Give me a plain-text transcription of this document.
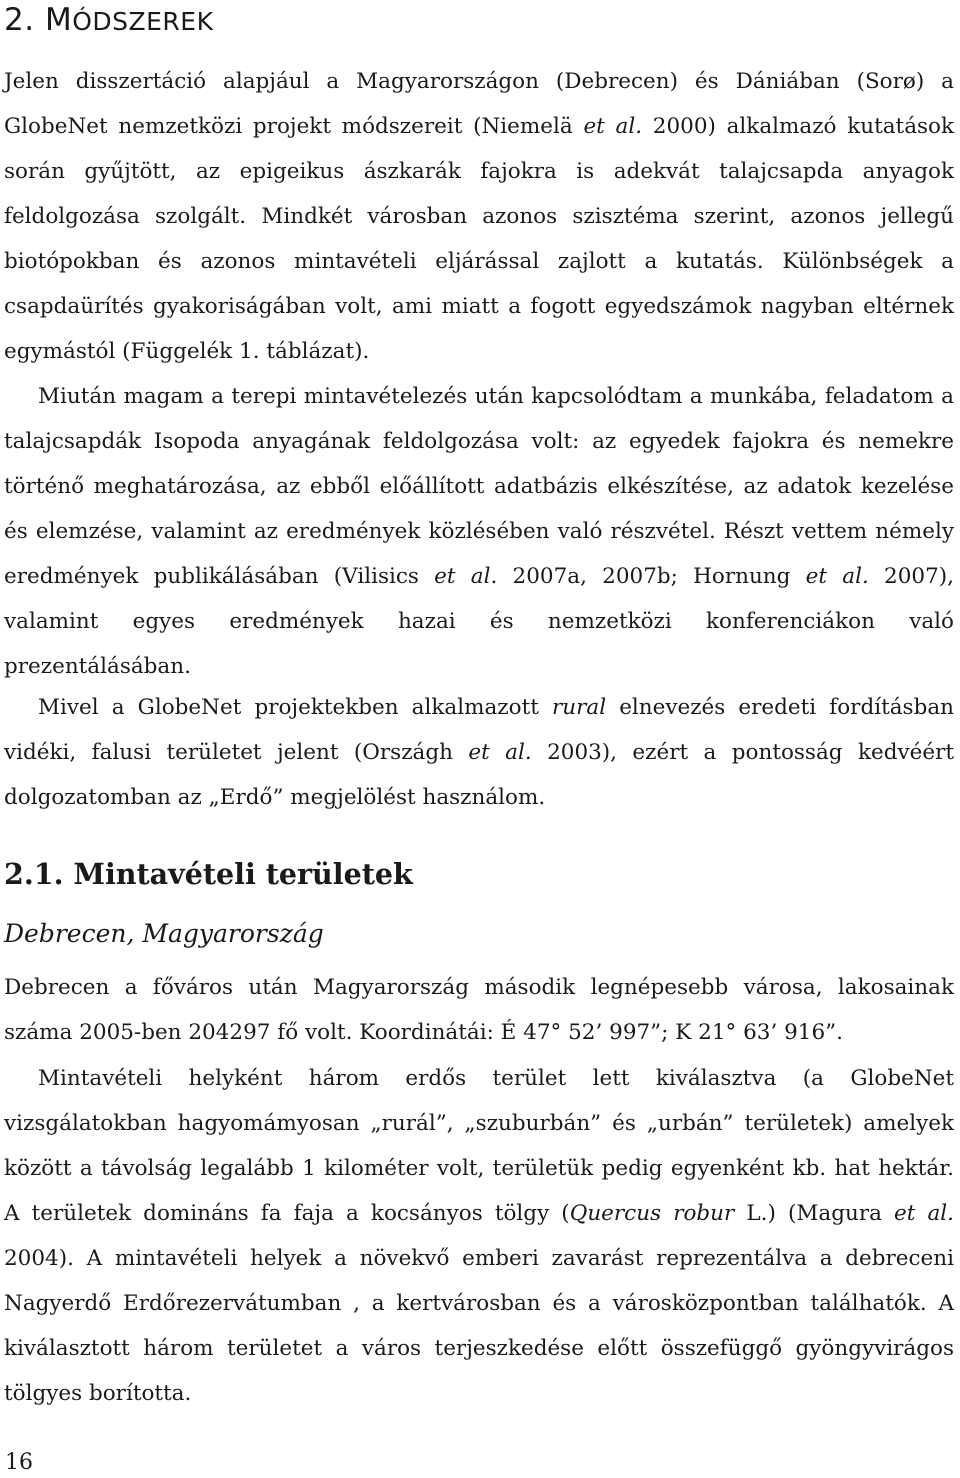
2. MÓDSZEREK

Jelen disszertáció alapjául a Magyarországon (Debrecen) és Dániában (Sorø) a GlobeNet nemzetközi projekt módszereit (Niemelä et al. 2000) alkalmazó kutatások során gyűjtött, az epigeikus ászkarák fajokra is adekvát talajcsapda anyagok feldolgozása szolgált. Mindkét városban azonos szisztéma szerint, azonos jellegű biotópokban és azonos mintavételi eljárással zajlott a kutatás. Különbségek a csapdaürítés gyakoriságában volt, ami miatt a fogott egyedszámok nagyban eltérnek egymástól (Függelék 1. táblázat).

Miután magam a terepi mintavételezés után kapcsolódtam a munkába, feladatom a talajcsapdák Isopoda anyagának feldolgozása volt: az egyedek fajokra és nemekre történő meghatározása, az ebből előállított adatbázis elkészítése, az adatok kezelése és elemzése, valamint az eredmények közlésében való részvétel. Részt vettem némely eredmények publikálásában (Vilisics et al. 2007a, 2007b; Hornung et al. 2007), valamint egyes eredmények hazai és nemzetközi konferenciákon való prezentálásában.

Mivel a GlobeNet projektekben alkalmazott rural elnevezés eredeti fordításban vidéki, falusi területet jelent (Országh et al. 2003), ezért a pontosság kedvéért dolgozatomban az „Erdő” megjelölést használom.

2.1. Mintavételi területek
Debrecen, Magyarország

Debrecen a főváros után Magyarország második legnépesebb városa, lakosainak száma 2005-ben 204297 fő volt. Koordinátái: É 47° 52’ 997”; K 21° 63’ 916”.

Mintavételi helyként három erdős terület lett kiválasztva (a GlobeNet vizsgálatokban hagyomámyosan „rurál”, „szuburbán” és „urbán” területek) amelyek között a távolság legalább 1 kilométer volt, területük pedig egyenként kb. hat hektár. A területek domináns fa faja a kocsányos tölgy (Quercus robur L.) (Magura et al. 2004). A mintavételi helyek a növekvő emberi zavarást reprezentálva a debreceni Nagyerdő Erdőrezervátumban , a kertvárosban és a városközpontban találhatók. A kiválasztott három területet a város terjeszkedése előtt összefüggő gyöngyvirágos tölgyes borította.

16
